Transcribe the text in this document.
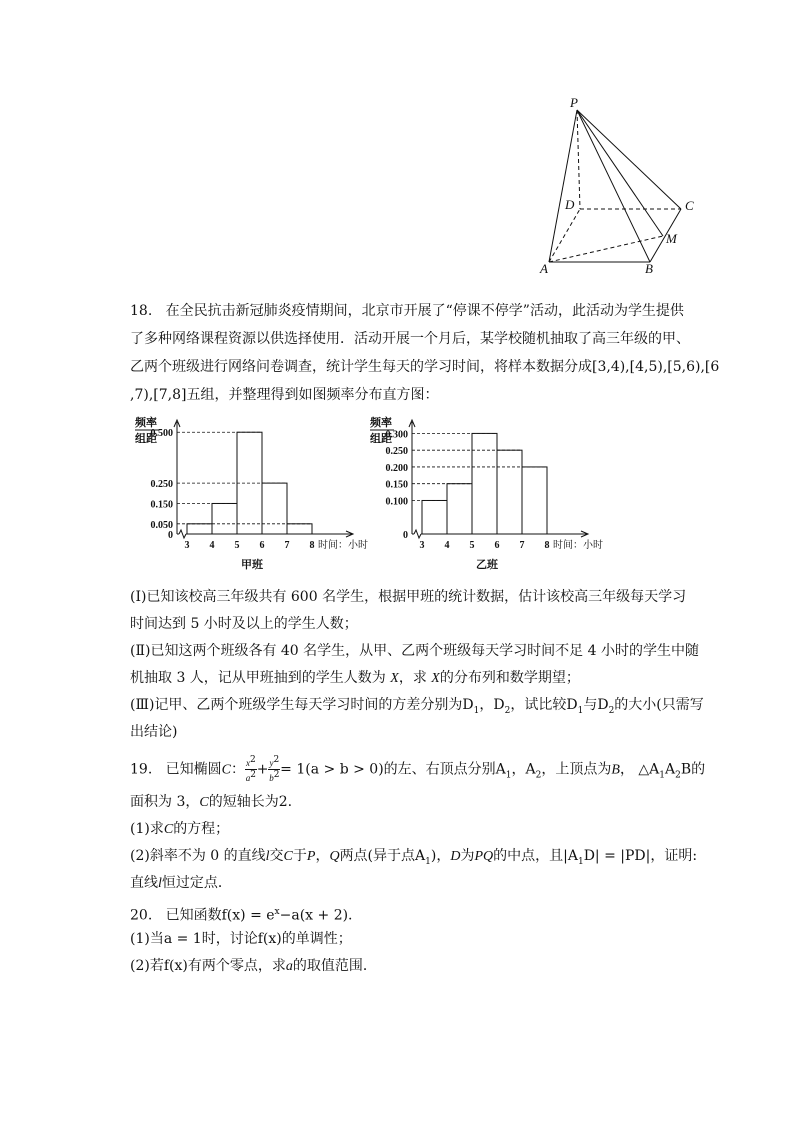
P
D	C
M
A	B
18. 在全民抗击新冠肺炎疫情期间，北京市开展了“停课不停学”活动，此活动为学生提供
了多种网络课程资源以供选择使用．活动开展一个月后，某学校随机抽取了高三年级的甲、
乙两个班级进行网络问卷调查，统计学生每天的学习时间，将样本数据分成[3,4),[4,5),[5,6),[6
,7),[7,8]五组，并整理得到如图频率分布直方图：
频率
组距
0.500
0.250
0.150
0.050
0
3 4 5 6 7 8 时间：小时
甲班
频率
组距
0.300
0.250
0.200
0.150
0.100
0
3 4 5 6 7 8 时间：小时
乙班
(Ⅰ)已知该校高三年级共有 600 名学生，根据甲班的统计数据，估计该校高三年级每天学习
时间达到 5 小时及以上的学生人数；
(Ⅱ)已知这两个班级各有 40 名学生，从甲、乙两个班级每天学习时间不足 4 小时的学生中随
机抽取 3 人，记从甲班抽到的学生人数为 X，求 X的分布列和数学期望；
(Ⅲ)记甲、乙两个班级学生每天学习时间的方差分别为$D_1$，$D_2$，试比较$D_1$与$D_2$的大小(只需写
出结论)
19. 已知椭圆C： $\frac{x^2}{a^2} + \frac{y^2}{b^2} = 1(a > b > 0)$的左、右顶点分别$A_1$，$A_2$，上顶点为B， $\triangle A_1A_2B$的
面积为 3，C的短轴长为2.
(1)求C的方程；
(2)斜率不为 0 的直线l交C于P，Q两点(异于点$A_1$)，D为PQ的中点，且$|A_1D| = |PD|$，证明:
直线l恒过定点．
20. 已知函数$f(x) = e^x-a(x + 2)$.
(1)当a = 1时，讨论f(x)的单调性；
(2)若f(x)有两个零点，求a的取值范围．
